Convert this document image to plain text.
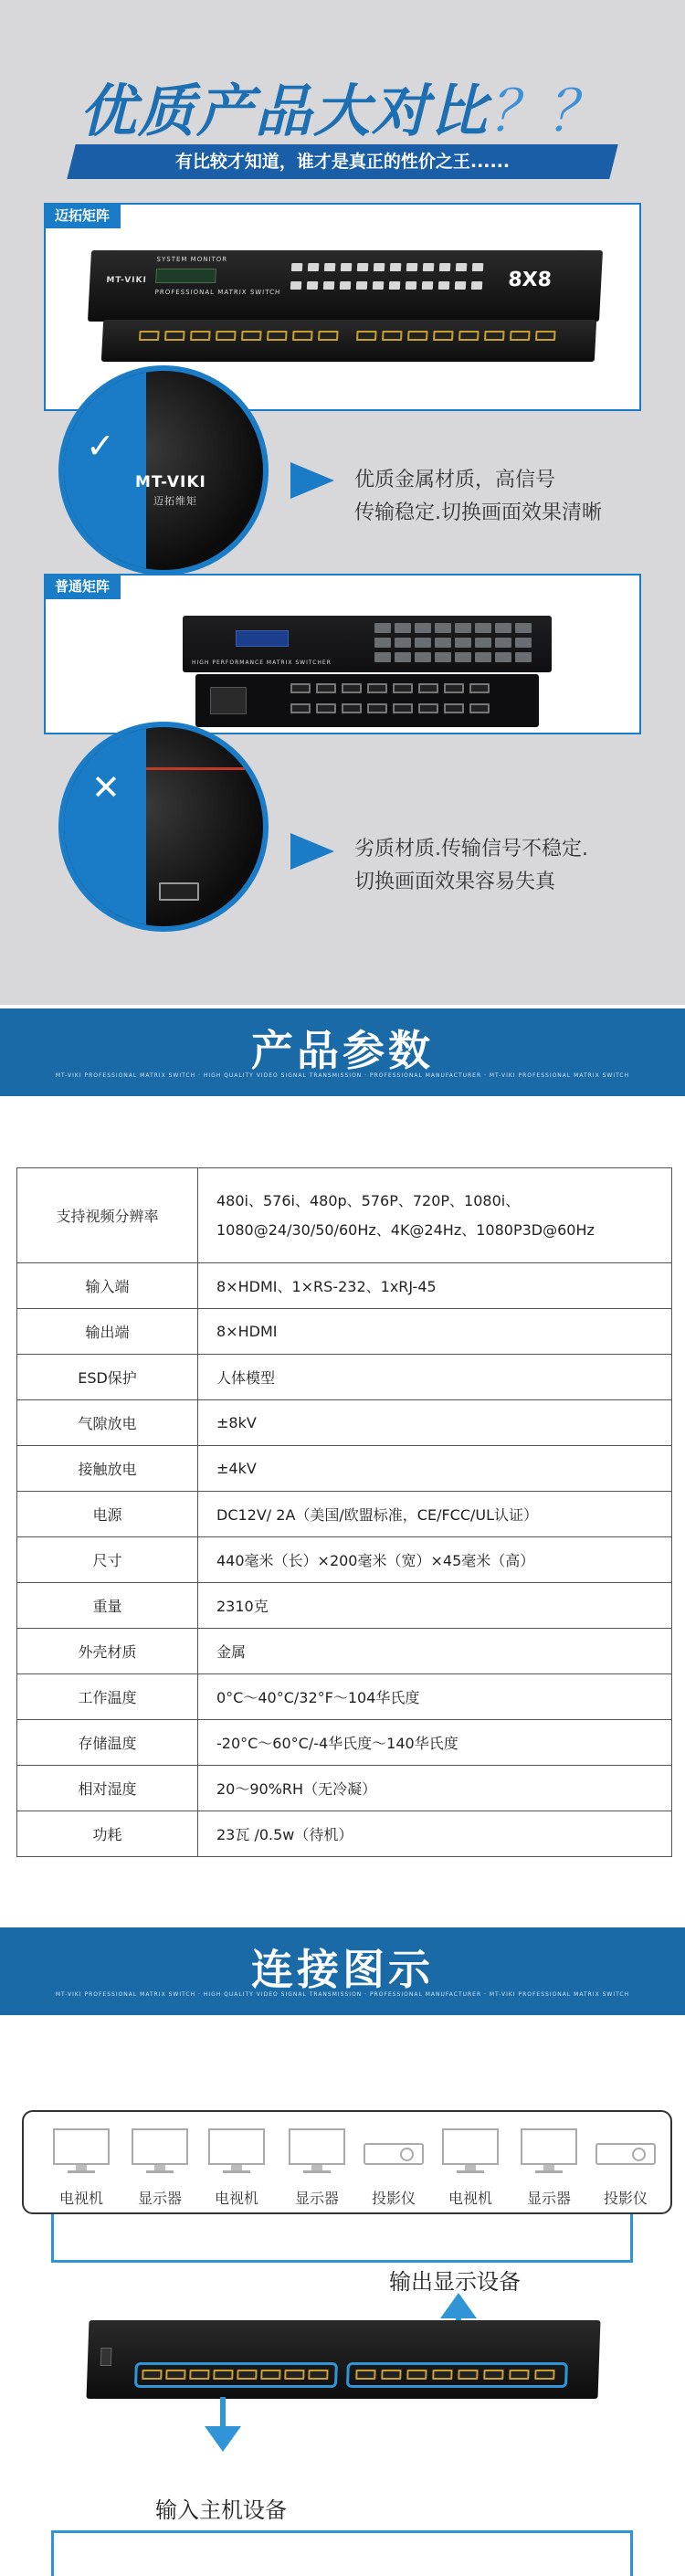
优质产品大对比？？
有比较才知道，谁才是真正的性价之王......
迈拓矩阵
MT-VIKI
SYSTEM MONITOR
PROFESSIONAL MATRIX SWITCH
8X8
✓
MT-VIKI
迈拓维矩
优质金属材质，高信号
传输稳定.切换画面效果清晰
普通矩阵
HIGH PERFORMANCE MATRIX SWITCHER
✕
劣质材质.传输信号不稳定.
切换画面效果容易失真
产品参数
MT-VIKI PROFESSIONAL MATRIX SWITCH · HIGH QUALITY VIDEO SIGNAL TRANSMISSION · PROFESSIONAL MANUFACTURER · MT-VIKI PROFESSIONAL MATRIX SWITCH
支持视频分辨率	480i、576i、480p、576P、720P、1080i、
1080@24/30/50/60Hz、4K@24Hz、1080P3D@60Hz

输入端	8×HDMI、1×RS-232、1xRJ-45
输出端	8×HDMI
ESD保护	人体模型
气隙放电	±8kV
接触放电	±4kV
电源	DC12V/ 2A（美国/欧盟标准，CE/FCC/UL认证）
尺寸	440毫米（长）×200毫米（宽）×45毫米（高）
重量	2310克
外壳材质	金属
工作温度	0°C～40°C/32°F～104华氏度
存储温度	-20°C～60°C/-4华氏度～140华氏度
相对湿度	20～90%RH（无冷凝）
功耗	23瓦 /0.5w（待机）
连接图示
MT-VIKI PROFESSIONAL MATRIX SWITCH · HIGH QUALITY VIDEO SIGNAL TRANSMISSION · PROFESSIONAL MANUFACTURER · MT-VIKI PROFESSIONAL MATRIX SWITCH
电视机	显示器	电视机	显示器	投影仪	电视机	显示器	投影仪
输出显示设备
输入主机设备
